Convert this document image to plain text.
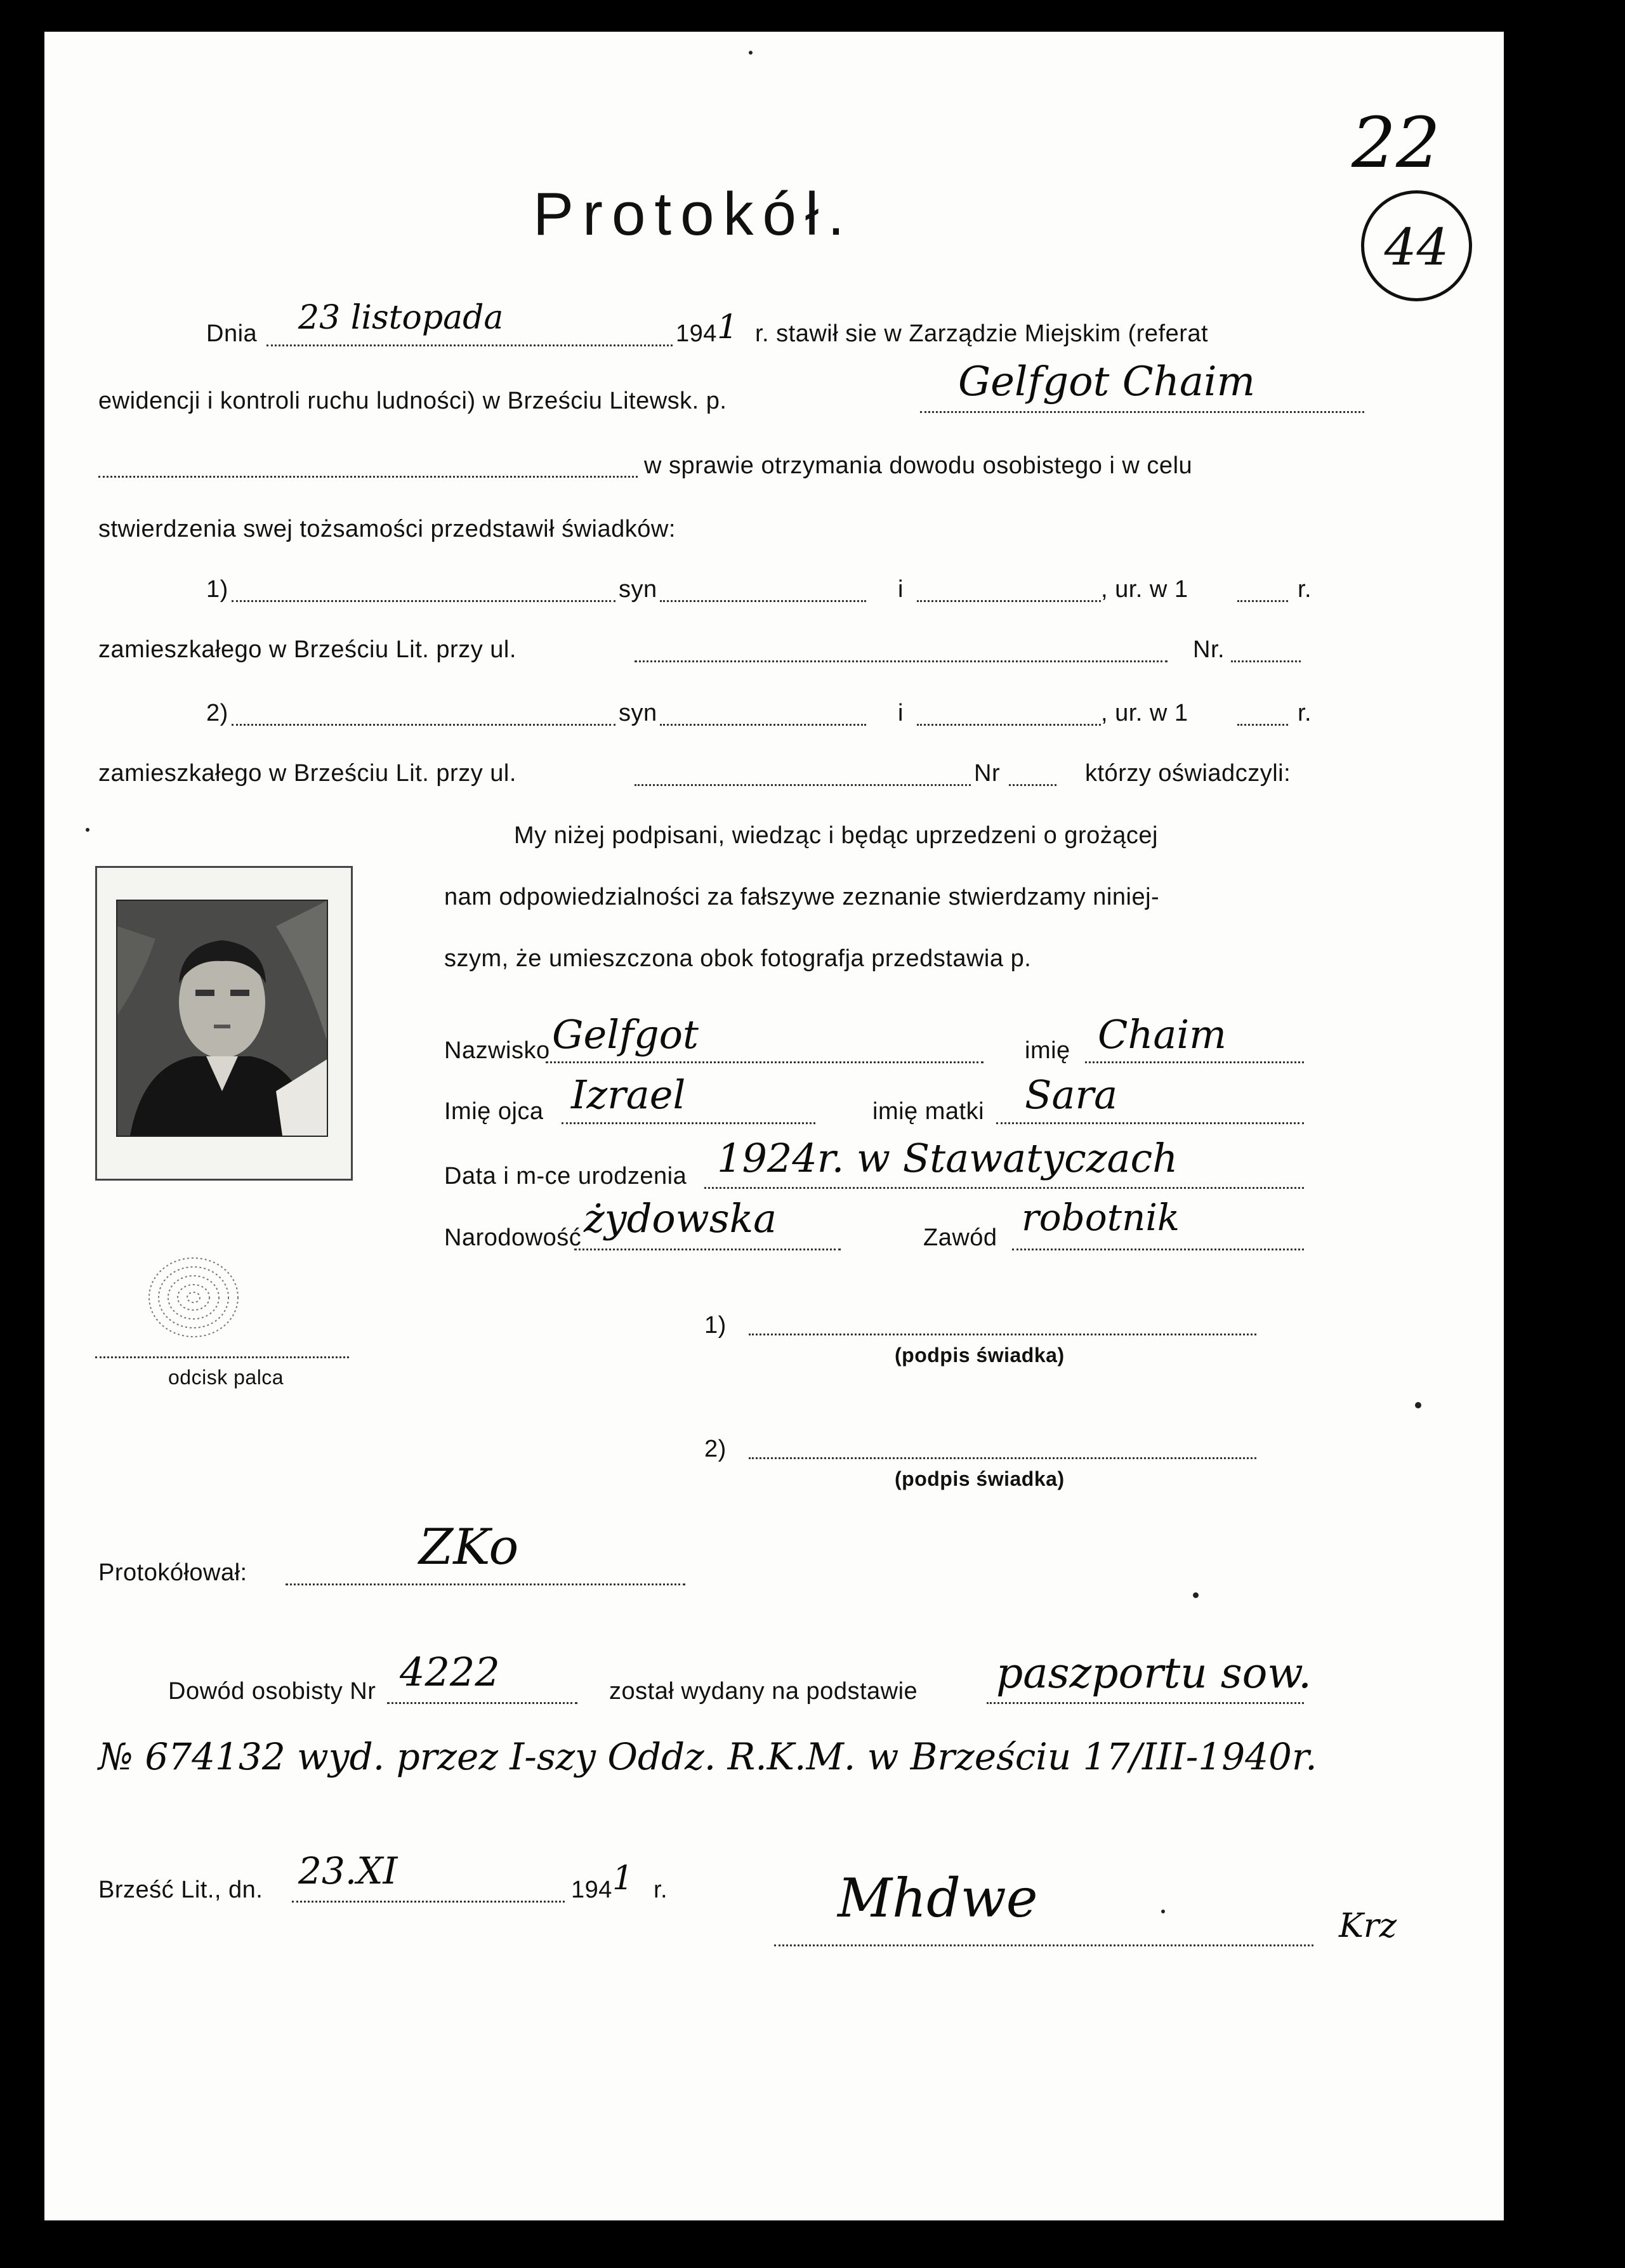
22
44
Protokół.
Dnia 23 listopada	194 1 r. stawił sie w Zarządzie Miejskim (referat
ewidencji i kontroli ruchu ludności) w Brześciu Litewsk. p.	Gelfgot Chaim
w sprawie otrzymania dowodu osobistego i w celu
stwierdzenia swej tożsamości przedstawił świadków:
1)	syn	i	, ur. w 1	r.
zamieszkałego w Brześciu Lit. przy ul.	Nr.
2)	syn	i	, ur. w 1	r.
zamieszkałego w Brześciu Lit. przy ul.	Nr	którzy oświadczyli:
My niżej podpisani, wiedząc i będąc uprzedzeni o grożącej
nam odpowiedzialności za fałszywe zeznanie stwierdzamy niniej-
szym, że umieszczona obok fotografja przedstawia p.
Nazwisko Gelfgot	imię Chaim
Imię ojca Izrael	imię matki Sara
Data i m-ce urodzenia 1924r. w Stawatyczach
Narodowość żydowska	Zawód robotnik
odcisk palca
1)
(podpis świadka)
2)
(podpis świadka)
Protokółował:	ZKo
Dowód osobisty Nr 4222	został wydany na podstawie paszportu sow.
№ 674132 wyd. przez I-szy Oddz. R.K.M. w Brześciu 17/III-1940r.
Brześć Lit., dn. 23.XI	194 1 r.	Mhdwe	Krz
